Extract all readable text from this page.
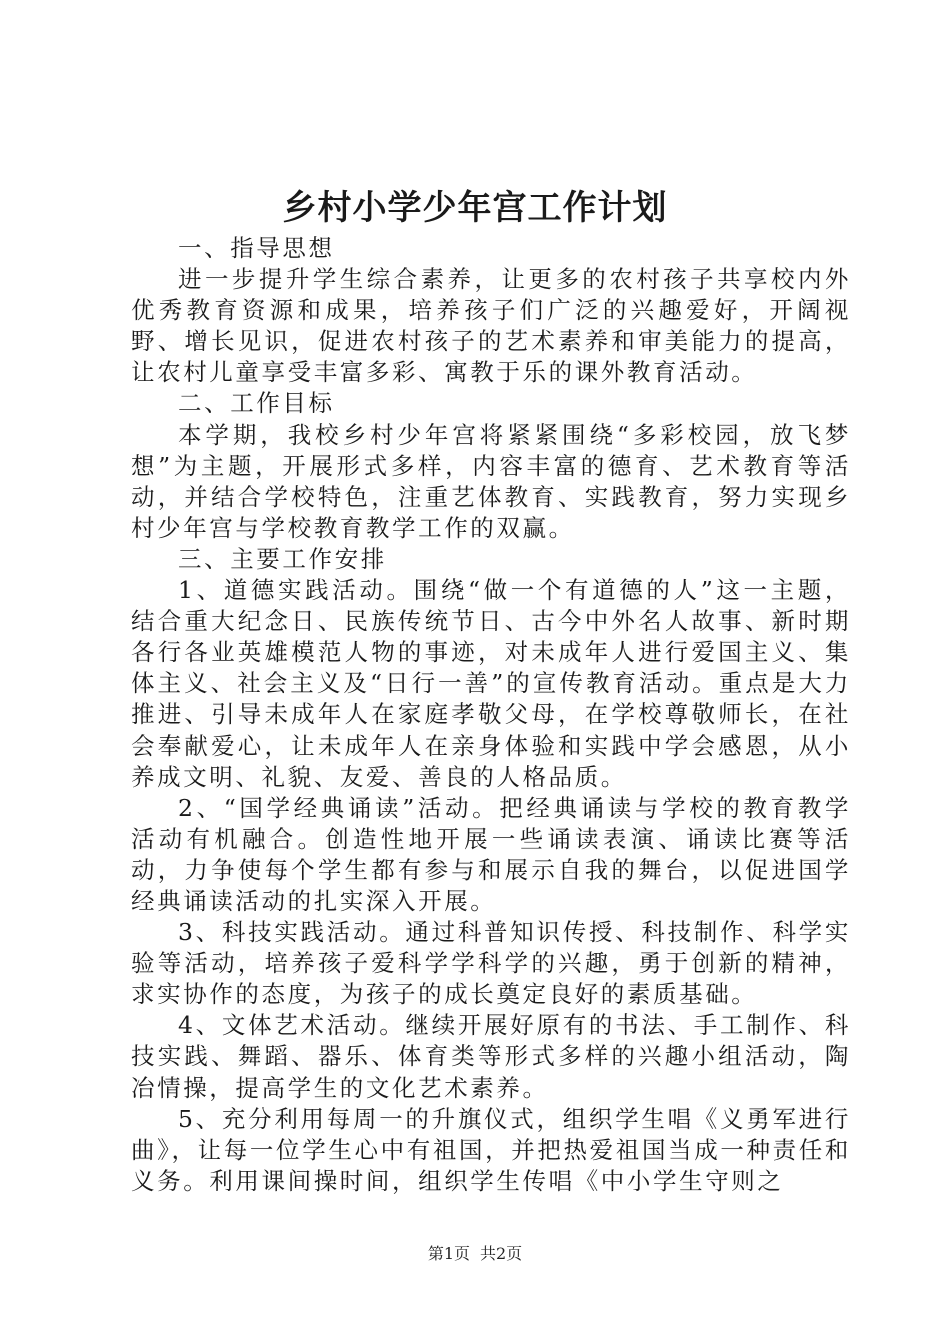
乡村小学少年宫工作计划

一、指导思想

进一步提升学生综合素养，让更多的农村孩子共享校内外优秀教育资源和成果，培养孩子们广泛的兴趣爱好，开阔视野、增长见识，促进农村孩子的艺术素养和审美能力的提高，让农村儿童享受丰富多彩、寓教于乐的课外教育活动。

二、工作目标

本学期，我校乡村少年宫将紧紧围绕“多彩校园，放飞梦想”为主题，开展形式多样，内容丰富的德育、艺术教育等活动，并结合学校特色，注重艺体教育、实践教育，努力实现乡村少年宫与学校教育教学工作的双赢。

三、主要工作安排

1、道德实践活动。围绕“做一个有道德的人”这一主题，结合重大纪念日、民族传统节日、古今中外名人故事、新时期各行各业英雄模范人物的事迹，对未成年人进行爱国主义、集体主义、社会主义及“日行一善”的宣传教育活动。重点是大力推进、引导未成年人在家庭孝敬父母，在学校尊敬师长，在社会奉献爱心，让未成年人在亲身体验和实践中学会感恩，从小养成文明、礼貌、友爱、善良的人格品质。

2、“国学经典诵读”活动。把经典诵读与学校的教育教学活动有机融合。创造性地开展一些诵读表演、诵读比赛等活动，力争使每个学生都有参与和展示自我的舞台，以促进国学经典诵读活动的扎实深入开展。

3、科技实践活动。通过科普知识传授、科技制作、科学实验等活动，培养孩子爱科学学科学的兴趣，勇于创新的精神，求实协作的态度，为孩子的成长奠定良好的素质基础。

4、文体艺术活动。继续开展好原有的书法、手工制作、科技实践、舞蹈、器乐、体育类等形式多样的兴趣小组活动，陶冶情操，提高学生的文化艺术素养。

5、充分利用每周一的升旗仪式，组织学生唱《义勇军进行曲》，让每一位学生心中有祖国，并把热爱祖国当成一种责任和义务。利用课间操时间，组织学生传唱《中小学生守则之

第1页 共2页
